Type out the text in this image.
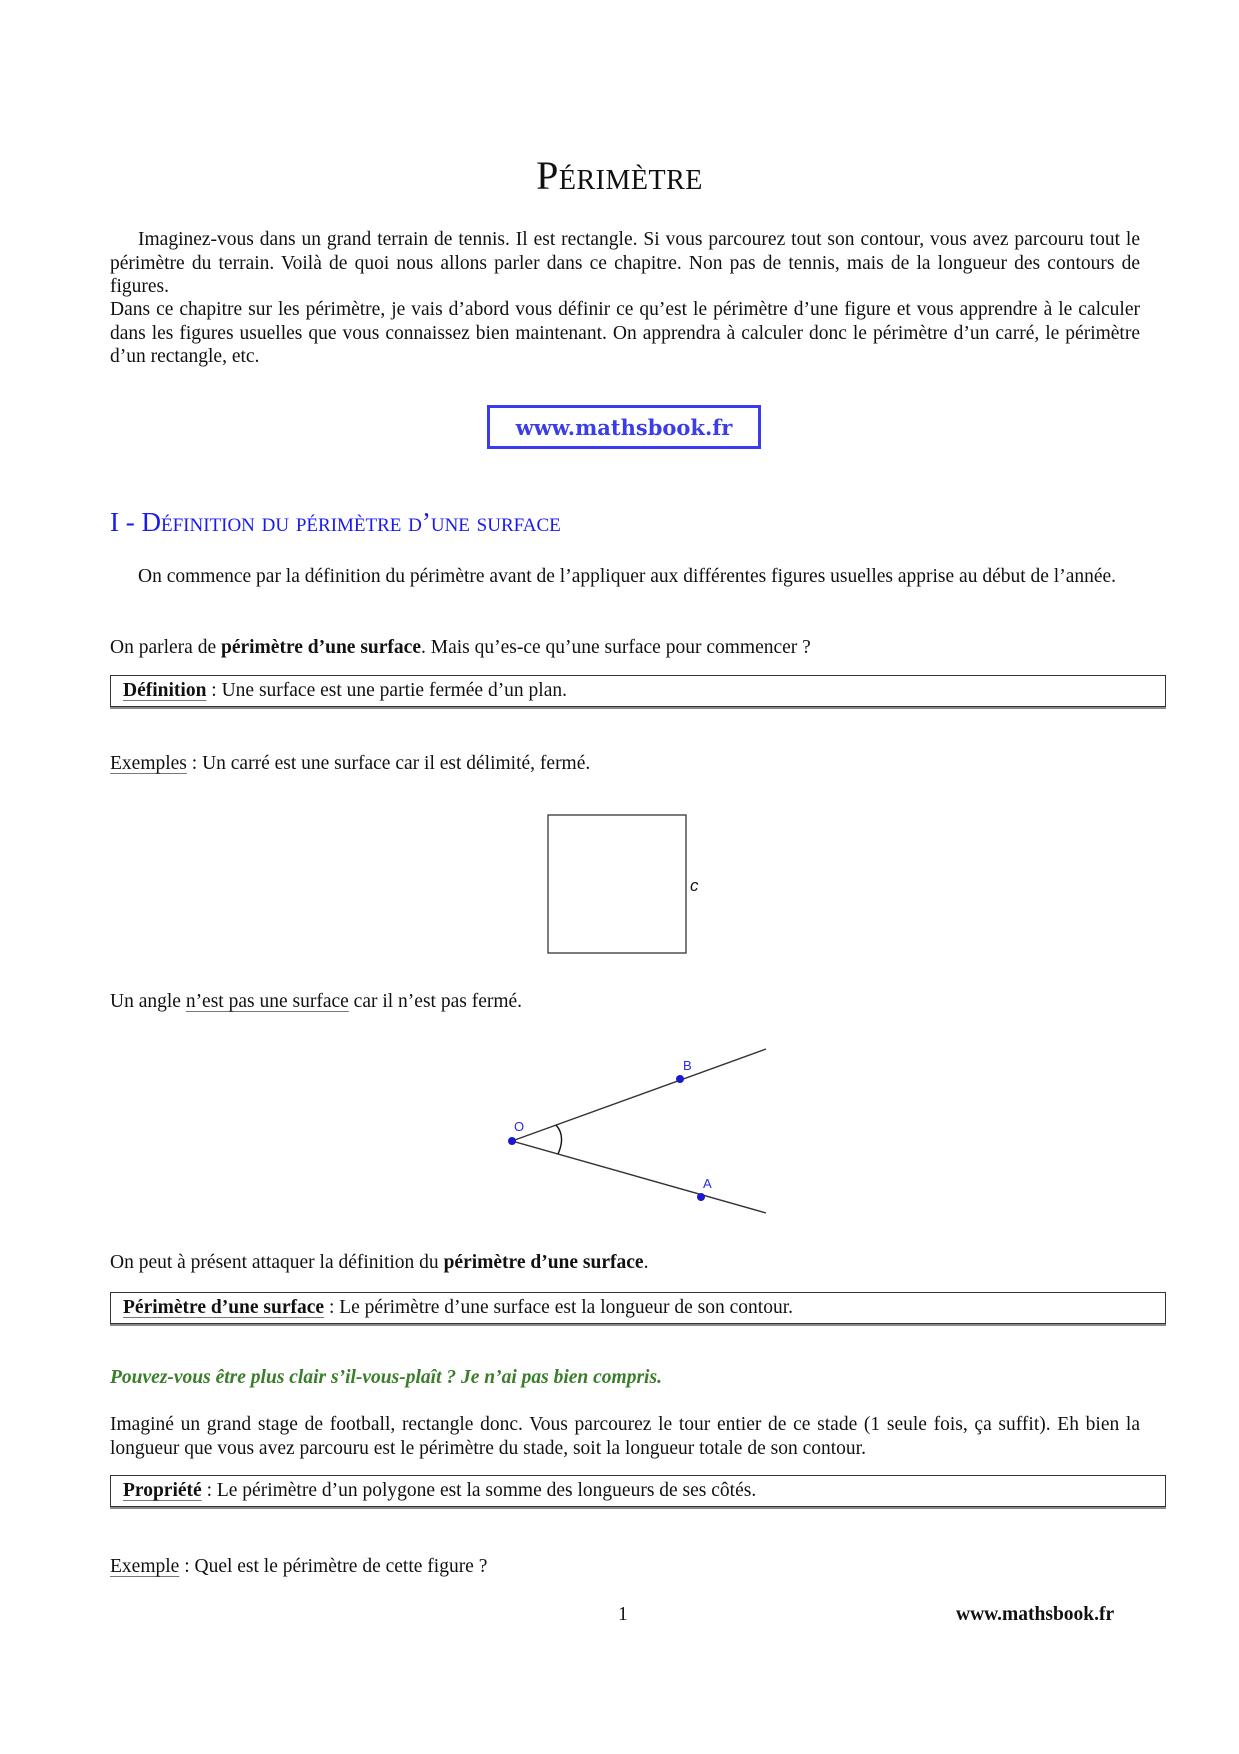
Périmètre
Imaginez-vous dans un grand terrain de tennis. Il est rectangle. Si vous parcourez tout son contour, vous avez parcouru tout le périmètre du terrain. Voilà de quoi nous allons parler dans ce chapitre. Non pas de tennis, mais de la longueur des contours de figures.
Dans ce chapitre sur les périmètre, je vais d’abord vous définir ce qu’est le périmètre d’une figure et vous apprendre à le calculer dans les figures usuelles que vous connaissez bien maintenant. On apprendra à calculer donc le périmètre d’un carré, le périmètre d’un rectangle, etc.
www.mathsbook.fr
I - Définition du périmètre d’une surface
On commence par la définition du périmètre avant de l’appliquer aux différentes figures usuelles apprise au début de l’année.
On parlera de périmètre d’une surface. Mais qu’es-ce qu’une surface pour commencer ?
Définition : Une surface est une partie fermée d’un plan.
Exemples : Un carré est une surface car il est délimité, fermé.
c
Un angle n’est pas une surface car il n’est pas fermé.
O
B
A
On peut à présent attaquer la définition du périmètre d’une surface.
Périmètre d’une surface : Le périmètre d’une surface est la longueur de son contour.
Pouvez-vous être plus clair s’il-vous-plaît ? Je n’ai pas bien compris.
Imaginé un grand stage de football, rectangle donc. Vous parcourez le tour entier de ce stade (1 seule fois, ça suffit). Eh bien la longueur que vous avez parcouru est le périmètre du stade, soit la longueur totale de son contour.
Propriété : Le périmètre d’un polygone est la somme des longueurs de ses côtés.
Exemple : Quel est le périmètre de cette figure ?
1	www.mathsbook.fr
